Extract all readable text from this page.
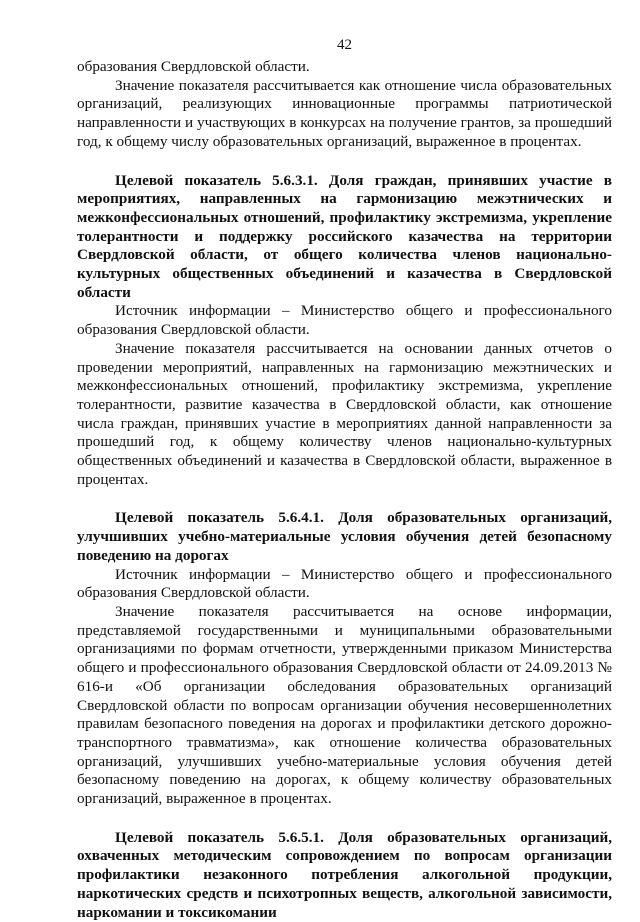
42

образования Свердловской области.

Значение показателя рассчитывается как отношение числа образовательных организаций, реализующих инновационные программы патриотической направленности и участвующих в конкурсах на получение грантов, за прошедший год, к общему числу образовательных организаций, выраженное в процентах.

Целевой показатель 5.6.3.1. Доля граждан, принявших участие в мероприятиях, направленных на гармонизацию межэтнических и межконфессиональных отношений, профилактику экстремизма, укрепление толерантности и поддержку российского казачества на территории Свердловской области, от общего количества членов национально-культурных общественных объединений и казачества в Свердловской области

Источник информации – Министерство общего и профессионального образования Свердловской области.

Значение показателя рассчитывается на основании данных отчетов о проведении мероприятий, направленных на гармонизацию межэтнических и межконфессиональных отношений, профилактику экстремизма, укрепление толерантности, развитие казачества в Свердловской области, как отношение числа граждан, принявших участие в мероприятиях данной направленности за прошедший год, к общему количеству членов национально-культурных общественных объединений и казачества в Свердловской области, выраженное в процентах.

Целевой показатель 5.6.4.1. Доля образовательных организаций, улучшивших учебно-материальные условия обучения детей безопасному поведению на дорогах

Источник информации – Министерство общего и профессионального образования Свердловской области.

Значение показателя рассчитывается на основе информации, представляемой государственными и муниципальными образовательными организациями по формам отчетности, утвержденными приказом Министерства общего и профессионального образования Свердловской области от 24.09.2013 № 616-и «Об организации обследования образовательных организаций Свердловской области по вопросам организации обучения несовершеннолетних правилам безопасного поведения на дорогах и профилактики детского дорожно-транспортного травматизма», как отношение количества образовательных организаций, улучшивших учебно-материальные условия обучения детей безопасному поведению на дорогах, к общему количеству образовательных организаций, выраженное в процентах.

Целевой показатель 5.6.5.1. Доля образовательных организаций, охваченных методическим сопровождением по вопросам организации профилактики незаконного потребления алкогольной продукции, наркотических средств и психотропных веществ, алкогольной зависимости, наркомании и токсикомании
